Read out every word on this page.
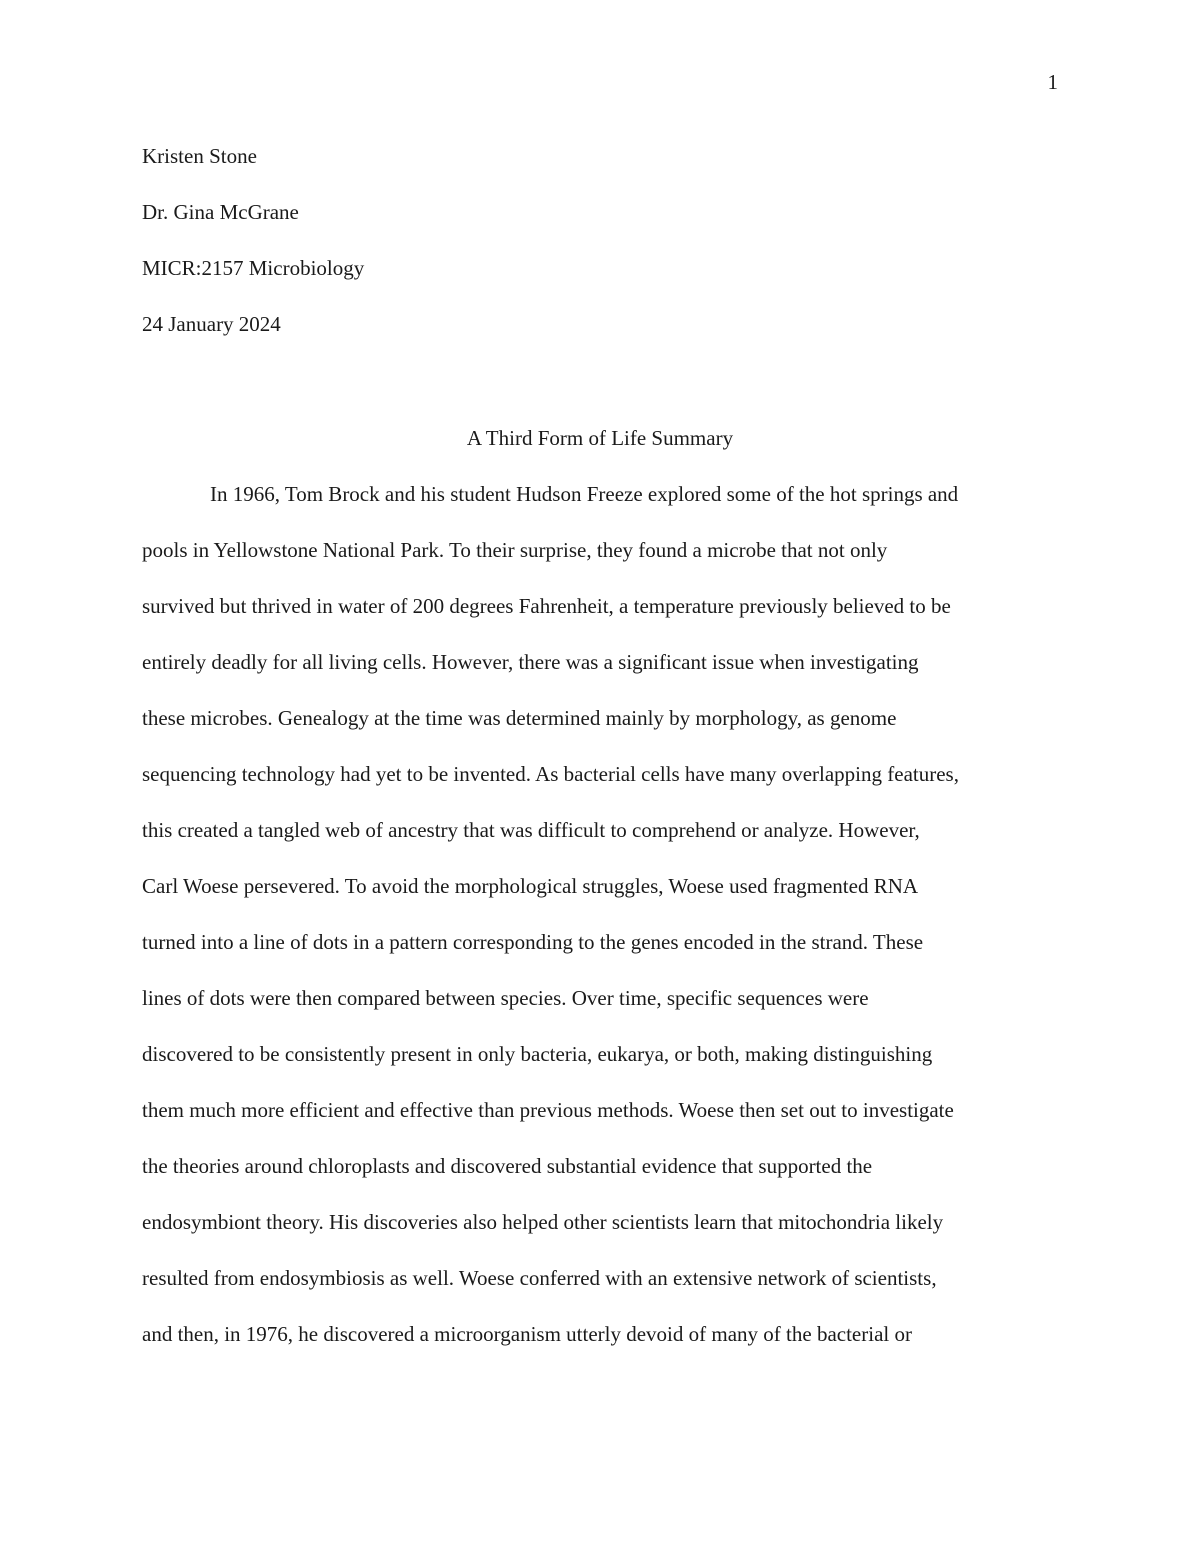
1
Kristen Stone
Dr. Gina McGrane
MICR:2157 Microbiology
24 January 2024
A Third Form of Life Summary
In 1966, Tom Brock and his student Hudson Freeze explored some of the hot springs and
pools in Yellowstone National Park. To their surprise, they found a microbe that not only
survived but thrived in water of 200 degrees Fahrenheit, a temperature previously believed to be
entirely deadly for all living cells. However, there was a significant issue when investigating
these microbes. Genealogy at the time was determined mainly by morphology, as genome
sequencing technology had yet to be invented. As bacterial cells have many overlapping features,
this created a tangled web of ancestry that was difficult to comprehend or analyze. However,
Carl Woese persevered. To avoid the morphological struggles, Woese used fragmented RNA
turned into a line of dots in a pattern corresponding to the genes encoded in the strand. These
lines of dots were then compared between species. Over time, specific sequences were
discovered to be consistently present in only bacteria, eukarya, or both, making distinguishing
them much more efficient and effective than previous methods. Woese then set out to investigate
the theories around chloroplasts and discovered substantial evidence that supported the
endosymbiont theory. His discoveries also helped other scientists learn that mitochondria likely
resulted from endosymbiosis as well. Woese conferred with an extensive network of scientists,
and then, in 1976, he discovered a microorganism utterly devoid of many of the bacterial or
